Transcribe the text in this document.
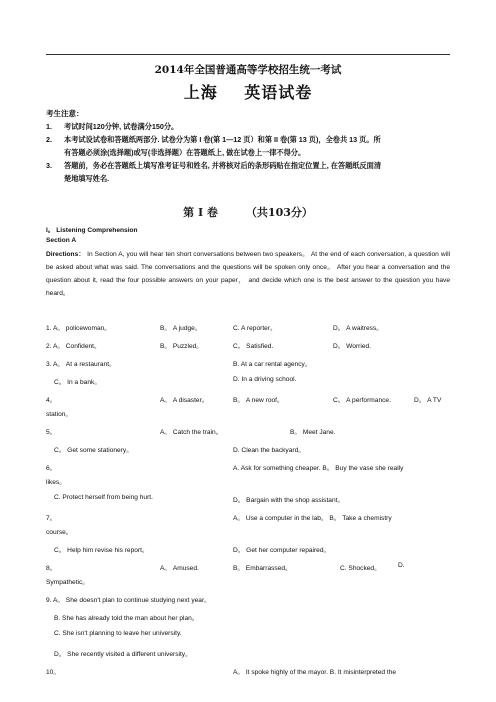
2014年全国普通高等学校招生统一考试
上海 英语试卷
考生注意：
1. 考试时间120分钟, 试卷满分150分。
2. 本考试设试卷和答题纸两部分. 试卷分为第 I 卷(第 1—12 页）和第 II 卷(第 13 页)，全卷共 13 页。所
有答题必须涂(选择题)或写(非选择题）在答题纸上, 做在试卷上一律不得分。
3. 答题前，务必在答题纸上填写准考证号和姓名, 并将核对后的条形码贴在指定位置上, 在答题纸反面清
楚地填写姓名.
第 I 卷	（共103分）
I。 Listening Comprehension
Section A
Directions： In Section A, you will hear ten short conversations between two speakers。 At the end of each conversation, a question will be asked about what was said. The conversations and the questions will be spoken only once。 After you hear a conversation and the question about it, read the four possible answers on your paper， and decide which one is the best answer to the question you have heard。
1. A。 policewoman。	B。 A judge。	C. A reporter。	D。 A waitress。
2. A。 Confident。	B。 Puzzled。	C。 Satisfied.	D。 Worried.
3. A。 At a restaurant。	B. At a car rental agency。
C。 In a bank。	D. In a driving school.
4。	A。 A disaster。	B。 A new roof。	C。 A performance.	D。 A TV
station。
5。	A。 Catch the train。	B。 Meet Jane.
C。 Get some stationery。	D. Clean the backyard。
6。	A. Ask for something cheaper. B。 Buy the vase she really
likes。
C. Protect herself from being hurt.	D。 Bargain with the shop assistant。
7。	A。 Use a computer in the lab。 B。 Take a chemistry
course。
C。 Help him revise his report。	D。 Get her computer repaired。
8。	A。 Amused.	B。 Embarrassed。	C. Shocked。	D.
Sympathetic。
9. A。 She doesn't plan to continue studying next year。
B. She has already told the man about her plan。
C. She isn't planning to leave her university.
D。 She recently visited a different university。
10。	A。 It spoke highly of the mayor. B. It misinterpreted the
